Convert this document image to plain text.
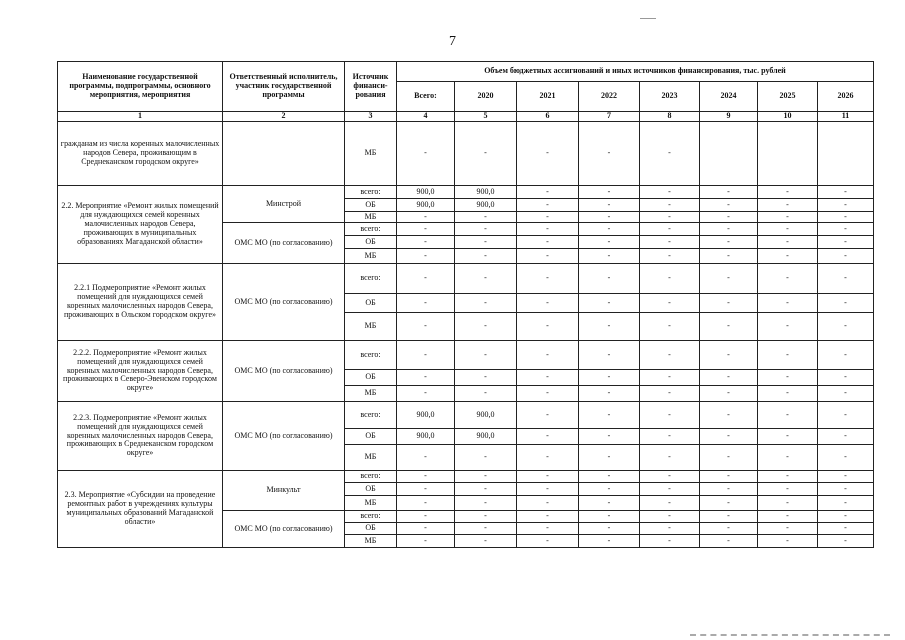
7
Наименование государственной программы, подпрограммы, основного мероприятия, мероприятия	Ответственный исполнитель, участник государственной программы	Источник финанси-рования	Объем бюджетных ассигнований и иных источников финансирования, тыс. рублей							
			Всего:	2020	2021	2022	2023	2024	2025	2026
1	2	3	4	5	6	7	8	9	10	11
гражданам из числа коренных малочисленных народов Севера, проживающим в Среднеканском городском округе»		МБ	-	-	-	-	-			
2.2. Мероприятие «Ремонт жилых помещений для нуждающихся семей коренных малочисленных народов Севера, проживающих в муниципальных образованиях Магаданской области»	Минстрой	всего:	900,0	900,0	-	-	-	-	-	-
		ОБ	900,0	900,0	-	-	-	-	-	-
		МБ	-	-	-	-	-	-	-	-
	ОМС МО (по согласованию)	всего:	-	-	-	-	-	-	-	-
		ОБ	-	-	-	-	-	-	-	-
		МБ	-	-	-	-	-	-	-	-
2.2.1 Подмероприятие «Ремонт жилых помещений для нуждающихся семей коренных малочисленных народов Севера, проживающих в Ольском городском округе»	ОМС МО (по согласованию)	всего:	-	-	-	-	-	-	-	-
		ОБ	-	-	-	-	-	-	-	-
		МБ	-	-	-	-	-	-	-	-
2.2.2. Подмероприятие «Ремонт жилых помещений для нуждающихся семей коренных малочисленных народов Севера, проживающих в Северо-Эвенском городском округе»	ОМС МО (по согласованию)	всего:	-	-	-	-	-	-	-	-
		ОБ	-	-	-	-	-	-	-	-
		МБ	-	-	-	-	-	-	-	-
2.2.3. Подмероприятие «Ремонт жилых помещений для нуждающихся семей коренных малочисленных народов Севера, проживающих в Среднеканском городском округе»	ОМС МО (по согласованию)	всего:	900,0	900,0	-	-	-	-	-	-
		ОБ	900,0	900,0	-	-	-	-	-	-
		МБ	-	-	-	-	-	-	-	-
2.3. Мероприятие «Субсидии на проведение ремонтных работ в учреждениях культуры муниципальных образований Магаданской области»	Минкульт	всего:	-	-	-	-	-	-	-	-
		ОБ	-	-	-	-	-	-	-	-
		МБ	-	-	-	-	-	-	-	-
	ОМС МО (по согласованию)	всего:	-	-	-	-	-	-	-	-
		ОБ	-	-	-	-	-	-	-	-
		МБ	-	-	-	-	-	-	-	-
